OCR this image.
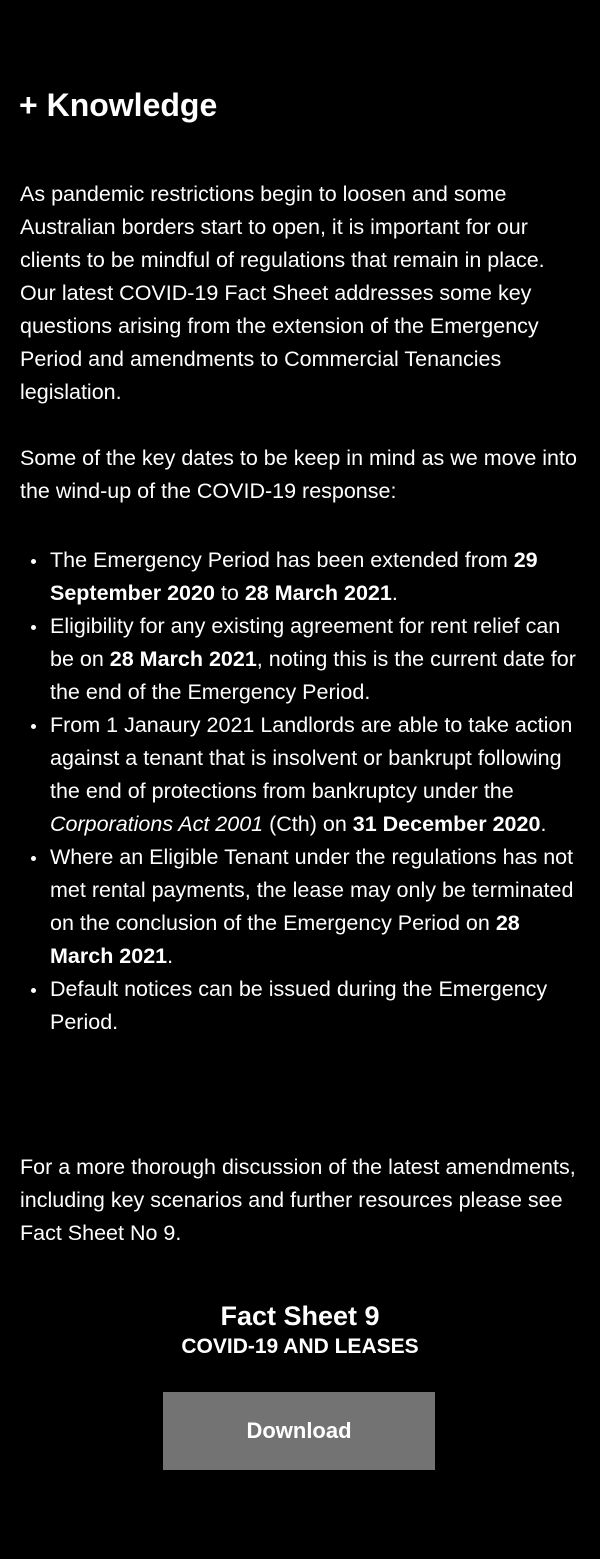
+ Knowledge

As pandemic restrictions begin to loosen and some Australian borders start to open, it is important for our clients to be mindful of regulations that remain in place. Our latest COVID-19 Fact Sheet addresses some key questions arising from the extension of the Emergency Period and amendments to Commercial Tenancies legislation.

Some of the key dates to be keep in mind as we move into the wind-up of the COVID-19 response:

The Emergency Period has been extended from 29 September 2020 to 28 March 2021.
Eligibility for any existing agreement for rent relief can be on 28 March 2021, noting this is the current date for the end of the Emergency Period.
From 1 Janaury 2021 Landlords are able to take action against a tenant that is insolvent or bankrupt following the end of protections from bankruptcy under the Corporations Act 2001 (Cth) on 31 December 2020.
Where an Eligible Tenant under the regulations has not met rental payments, the lease may only be terminated on the conclusion of the Emergency Period on 28 March 2021.
Default notices can be issued during the Emergency Period.

For a more thorough discussion of the latest amendments, including key scenarios and further resources please see Fact Sheet No 9.

Fact Sheet 9
COVID-19 AND LEASES
Download
